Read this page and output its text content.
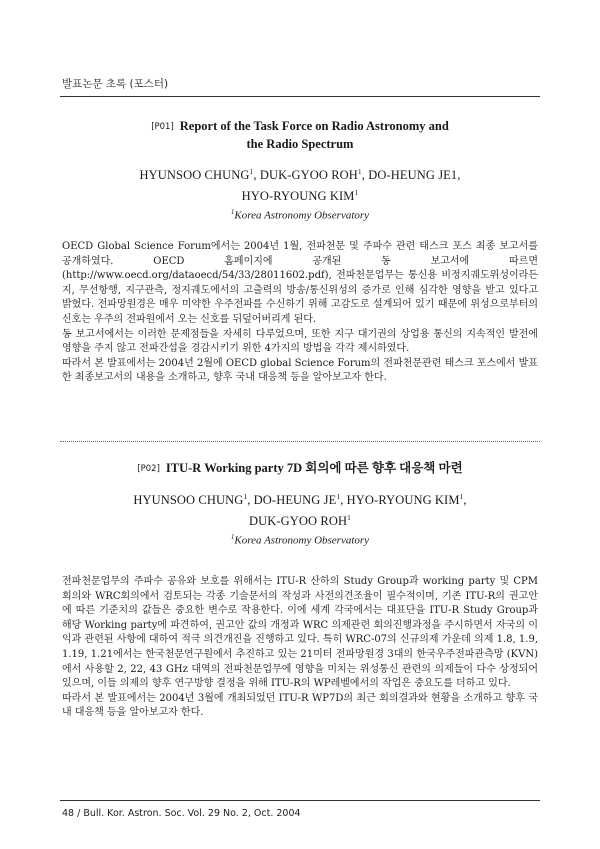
발표논문 초록 (포스터)
[P01] Report of the Task Force on Radio Astronomy and
the Radio Spectrum
HYUNSOO CHUNG$^1$, DUK-GYOO ROH$^1$, DO-HEUNG JE1,
HYO-RYOUNG KIM$^1$
$^1$Korea Astronomy Observatory

OECD Global Science Forum에서는 2004년 1월, 전파천문 및 주파수 관련 태스크 포스 최종 보고서를 공개하였다. OECD 홈페이지에 공개된 동 보고서에 따르면(http://www.oecd.org/dataoecd/54/33/28011602.pdf), 전파천문업무는 통신용 비정지궤도위성이라든지, 무선항행, 지구관측, 정지궤도에서의 고출력의 방송/통신위성의 증가로 인해 심각한 영향을 받고 있다고 밝혔다. 전파망원경은 매우 미약한 우주전파를 수신하기 위해 고감도로 설계되어 있기 때문에 위성으로부터의 신호는 우주의 전파원에서 오는 신호를 뒤덮어버리게 된다.

동 보고서에서는 이러한 문제점들을 자세히 다루었으며, 또한 지구 대기권의 상업용 통신의 지속적인 발전에 영향을 주지 않고 전파간섭을 경감시키기 위한 4가지의 방법을 각각 제시하였다.

따라서 본 발표에서는 2004년 2월에 OECD global Science Forum의 전파천문관련 태스크 포스에서 발표한 최종보고서의 내용을 소개하고, 향후 국내 대응책 등을 알아보고자 한다.

[P02] ITU-R Working party 7D 회의에 따른 향후 대응책 마련
HYUNSOO CHUNG$^1$, DO-HEUNG $JE^1$, HYO-RYOUNG KIM$^1$,
DUK-GYOO ROH$^1$
$^1$Korea Astronomy Observatory

전파천문업무의 주파수 공유와 보호를 위해서는 ITU-R 산하의 Study Group과 working party 및 CPM 회의와 WRC회의에서 검토되는 각종 기술문서의 작성과 사전의견조율이 필수적이며, 기존 ITU-R의 권고안에 따른 기준치의 값들은 중요한 변수로 작용한다. 이에 세계 각국에서는 대표단을 ITU-R Study Group과 해당 Working party에 파견하여, 권고안 값의 개정과 WRC 의제관련 회의진행과정을 주시하면서 자국의 이익과 관련된 사항에 대하여 적극 의견개진을 진행하고 있다. 특히 WRC-07의 신규의제 가운데 의제 1.8, 1.9, 1.19, 1.21에서는 한국천문연구원에서 추진하고 있는 21미터 전파망원경 3대의 한국우주전파관측망 (KVN)에서 사용할 2, 22, 43 GHz 대역의 전파천문업무에 영향을 미치는 위성통신 관련의 의제들이 다수 상정되어 있으며, 이들 의제의 향후 연구방향 결정을 위해 ITU-R의 WP레벨에서의 작업은 중요도를 더하고 있다.

따라서 본 발표에서는 2004년 3월에 개최되었던 ITU-R WP7D의 최근 회의결과와 현황을 소개하고 향후 국내 대응책 등을 알아보고자 한다.

48 / Bull. Kor. Astron. Soc. Vol. 29 No. 2, Oct. 2004
